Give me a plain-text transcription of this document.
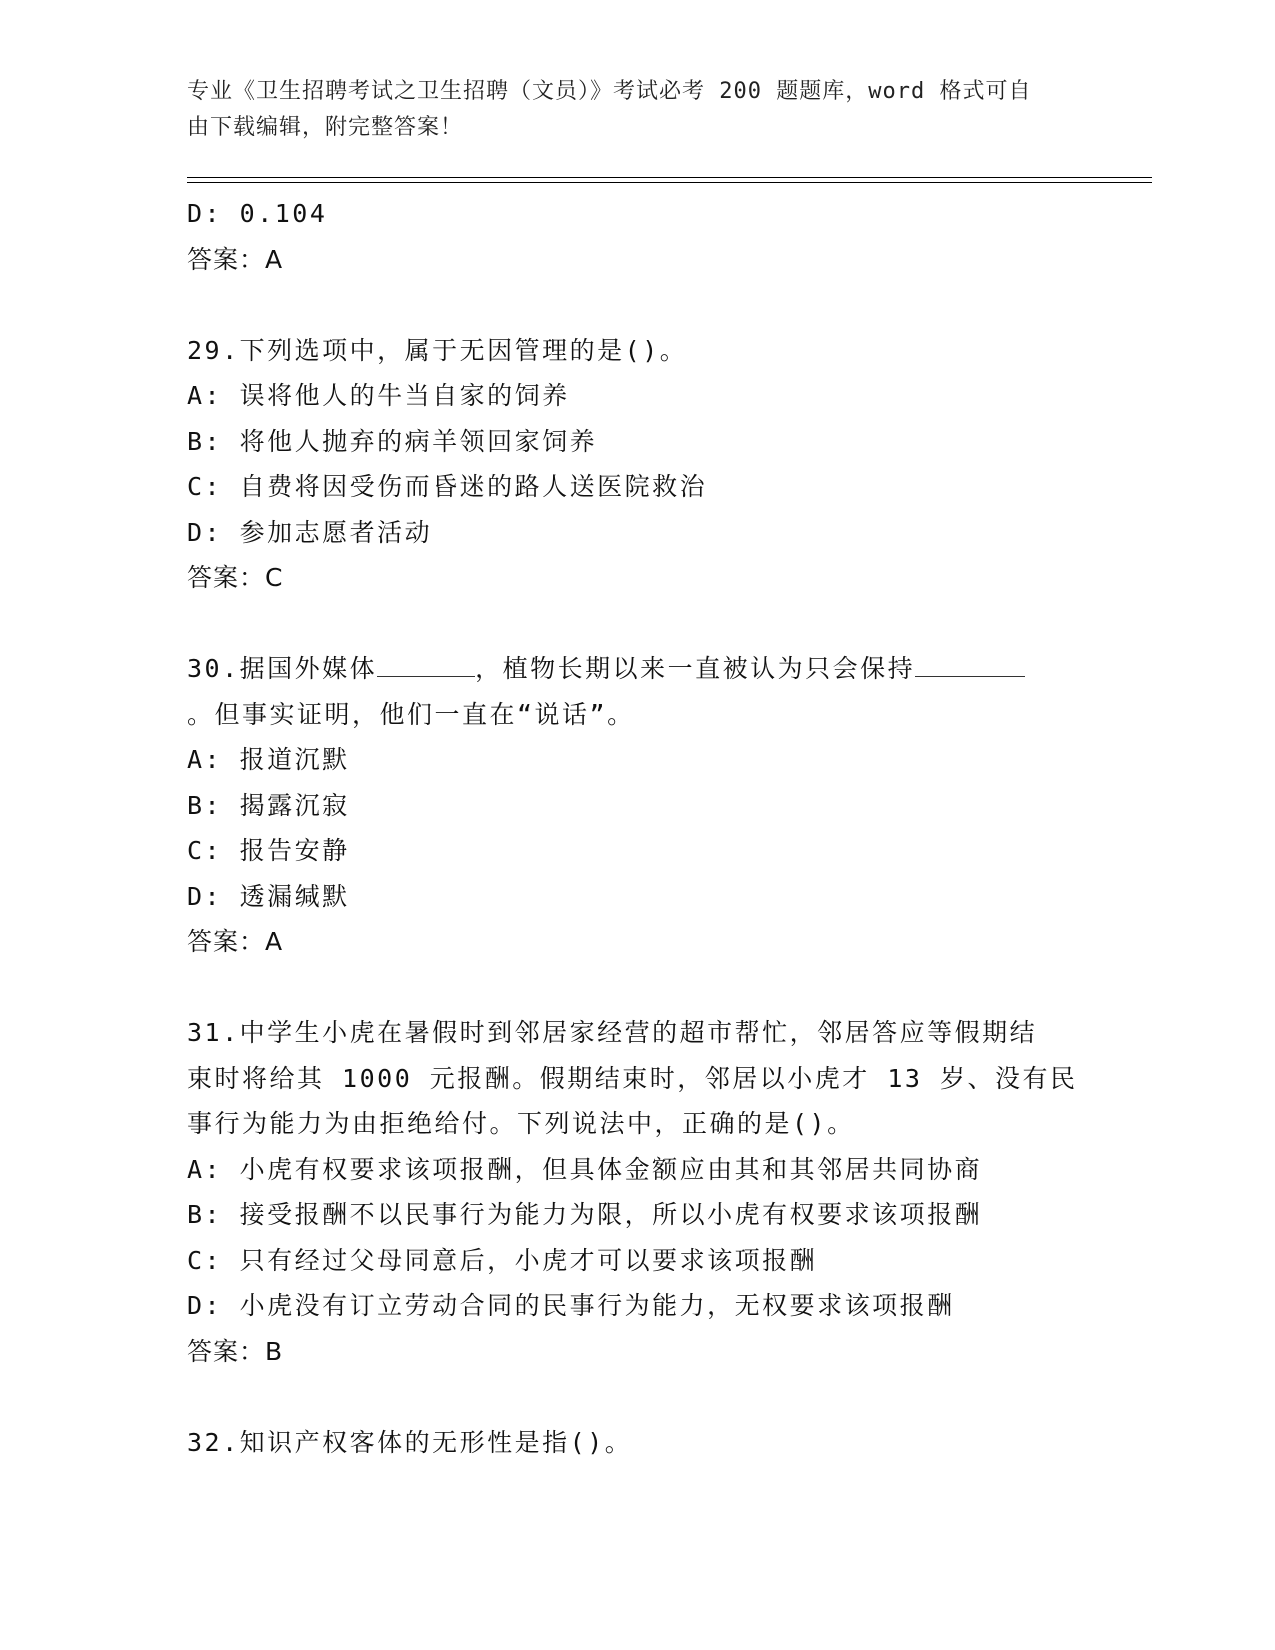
专业《卫生招聘考试之卫生招聘（文员）》考试必考 200 题题库，word 格式可自
由下载编辑，附完整答案！
D: 0.104
答案：A
29.下列选项中，属于无因管理的是()。
A: 误将他人的牛当自家的饲养
B: 将他人抛弃的病羊领回家饲养
C: 自费将因受伤而昏迷的路人送医院救治
D: 参加志愿者活动
答案：C
30.据国外媒体	，植物长期以来一直被认为只会保持
。但事实证明，他们一直在“说话”。
A: 报道沉默
B: 揭露沉寂
C: 报告安静
D: 透漏缄默
答案：A
31.中学生小虎在暑假时到邻居家经营的超市帮忙，邻居答应等假期结
束时将给其 1000 元报酬。假期结束时，邻居以小虎才 13 岁、没有民
事行为能力为由拒绝给付。下列说法中，正确的是()。
A: 小虎有权要求该项报酬，但具体金额应由其和其邻居共同协商
B: 接受报酬不以民事行为能力为限，所以小虎有权要求该项报酬
C: 只有经过父母同意后，小虎才可以要求该项报酬
D: 小虎没有订立劳动合同的民事行为能力，无权要求该项报酬
答案：B
32.知识产权客体的无形性是指()。
